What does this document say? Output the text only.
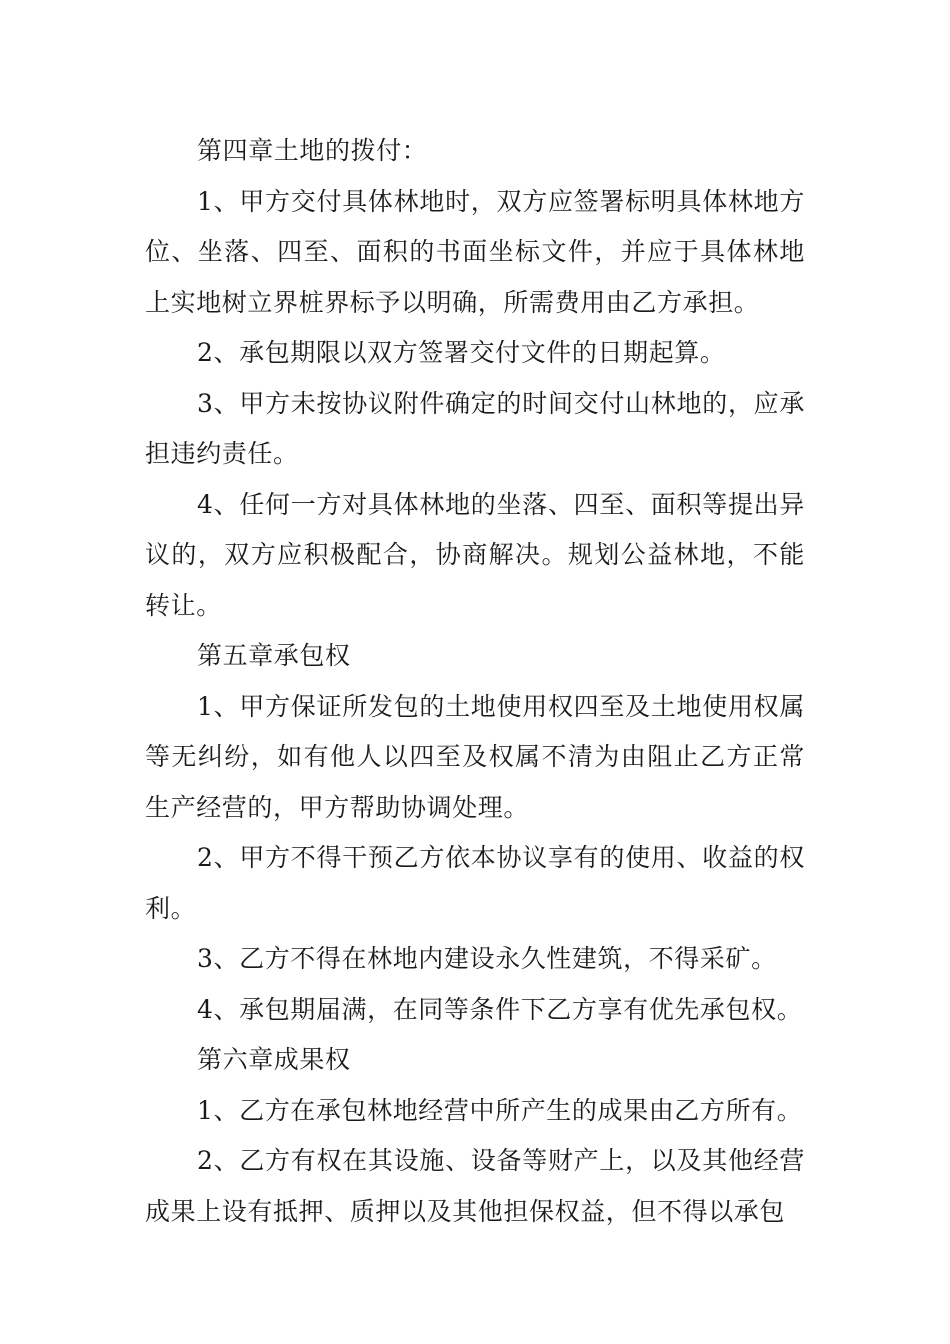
第四章土地的拨付：

1、甲方交付具体林地时，双方应签署标明具体林地方位、坐落、四至、面积的书面坐标文件，并应于具体林地上实地树立界桩界标予以明确，所需费用由乙方承担。

2、承包期限以双方签署交付文件的日期起算。

3、甲方未按协议附件确定的时间交付山林地的，应承担违约责任。

4、任何一方对具体林地的坐落、四至、面积等提出异议的，双方应积极配合，协商解决。规划公益林地，不能转让。

第五章承包权

1、甲方保证所发包的土地使用权四至及土地使用权属等无纠纷，如有他人以四至及权属不清为由阻止乙方正常生产经营的，甲方帮助协调处理。

2、甲方不得干预乙方依本协议享有的使用、收益的权利。

3、乙方不得在林地内建设永久性建筑，不得采矿。

4、承包期届满，在同等条件下乙方享有优先承包权。

第六章成果权

1、乙方在承包林地经营中所产生的成果由乙方所有。

2、乙方有权在其设施、设备等财产上，以及其他经营成果上设有抵押、质押以及其他担保权益，但不得以承包
